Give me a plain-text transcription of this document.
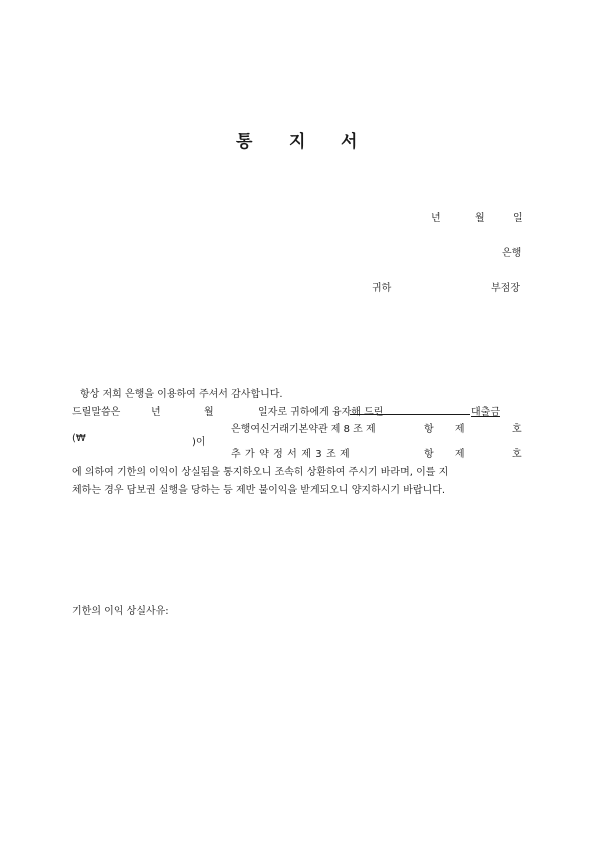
통 지 서
년	월	일
은행
귀하	부점장
항상 저희 은행을 이용하여 주셔서 감사합니다.
드릴말씀은	년	월	일자로 귀하에게 융자해 드린	대출금
은행여신거래기본약관 제 8 조 제	항 제	호
(₩	)이
추 가 약 정 서 제 3 조 제	항 제	호
에 의하여 기한의 이익이 상실됨을 통지하오니 조속히 상환하여 주시기 바라며, 이를 지
체하는 경우 담보권 실행을 당하는 등 제반 불이익을 받게되오니 양지하시기 바랍니다.
기한의 이익 상실사유:
